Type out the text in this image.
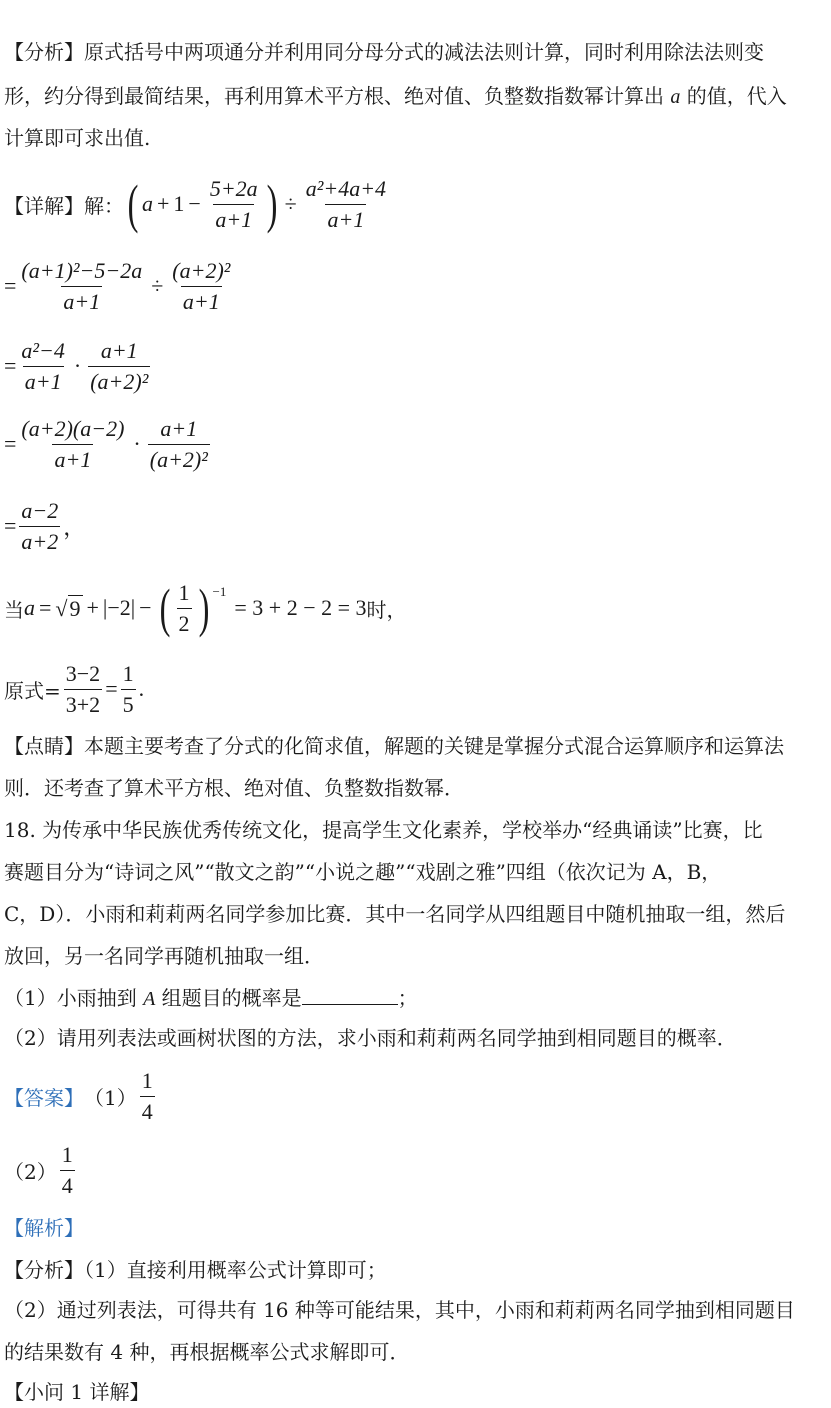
【分析】原式括号中两项通分并利用同分母分式的减法法则计算，同时利用除法法则变
形，约分得到最简结果，再利用算术平方根、绝对值、负整数指数幂计算出 a 的值，代入
计算即可求出值.
【详解】解： ( $a + 1 - \frac{5+2a}{a+1}$ ) ÷ $\frac{\text{a²+4a+4}}{a+1}$
= $\frac{\text{(a+1)²−5−2a}}{a+1} \div \frac{\text{(a+2)²}}{a+1}$
= $\frac{\text{a²−4}}{a+1} \cdot \frac{a+1}{\text{(a+2)²}}$
= $\frac{(a+2)(a-2)}{a+1} \cdot \frac{a+1}{\text{(a+2)²}}$
= $\frac{a-2}{a+2}$ ，
当 a = √ 9 + |−2| − ( $\frac{1}{2}$ ) $^{-1}$
= 3 + 2 − 2 = 3 时，
原式= $\frac{3-2}{3+2} = \frac{1}{5}$ .
【点睛】本题主要考查了分式的化简求值，解题的关键是掌握分式混合运算顺序和运算法
则．还考查了算术平方根、绝对值、负整数指数幂．
18. 为传承中华民族优秀传统文化，提高学生文化素养，学校举办“经典诵读”比赛，比
赛题目分为“诗词之风”“散文之韵”“小说之趣”“戏剧之雅”四组（依次记为 A，B，
C，D）．小雨和莉莉两名同学参加比赛．其中一名同学从四组题目中随机抽取一组，然后
放回，另一名同学再随机抽取一组．
（1）小雨抽到 A 组题目的概率是	；
（2）请用列表法或画树状图的方法，求小雨和莉莉两名同学抽到相同题目的概率．
【答案】 $(1) \frac{1}{4}$
$(2) \frac{1}{4}$
【解析】
【分析】（1）直接利用概率公式计算即可；
（2）通过列表法，可得共有 16 种等可能结果，其中，小雨和莉莉两名同学抽到相同题目
的结果数有 4 种，再根据概率公式求解即可．
【小问 1 详解】
